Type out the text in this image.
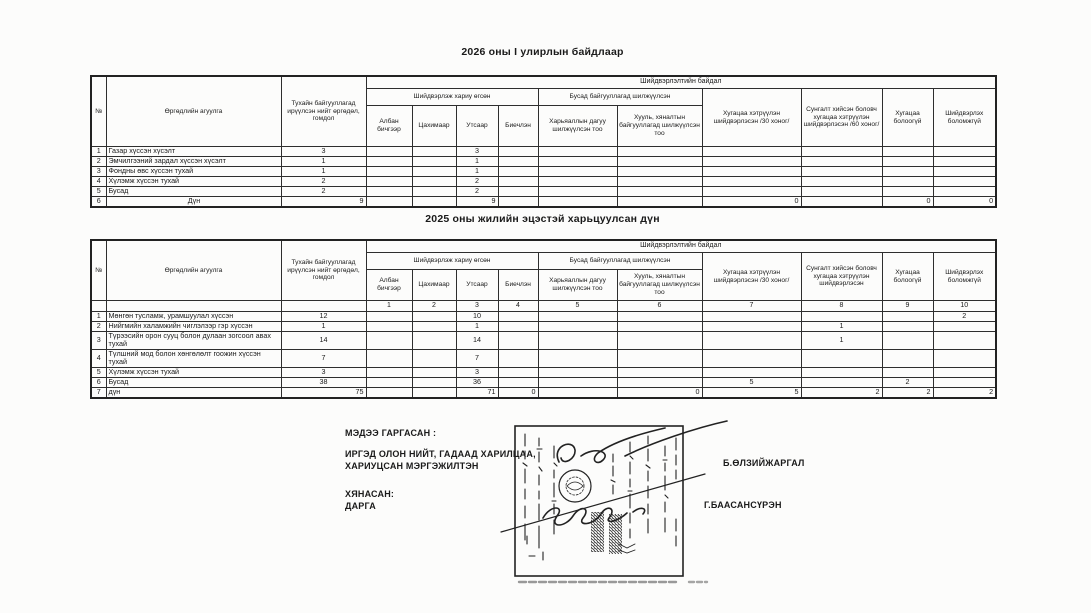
2026 оны I улирлын байдлаар
№	Өргөдлийн агуулга	Тухайн байгууллагад ирүүлсэн нийт өргөдөл, гомдол	Шийдвэрлэлтийн байдал									
			Шийдвэрлэж хариу өгсөн				Бусад байгууллагад шилжүүлсэн		Хугацаа хэтрүүлэн шийдвэрлэсэн /30 хоног/	Сунгалт хийсэн боловч хугацаа хэтрүүлэн шийдвэрлэсэн /60 хоног/	Хугацаа болоогүй	Шийдвэрлэх боломжгүй
			Албан бичгээр	Цахимаар	Утсаар	Биечлэн	Харьяаллын дагуу шилжүүлсэн тоо	Хууль, хяналтын байгууллагад шилжүүлсэн тоо				
1	Газар хүссэн хүсэлт	3			3							
2	Эмчилгээний зардал хүссэн хүсэлт	1			1							
3	Фондны өвс хүссэн тухай	1			1							
4	Хүлэмж хүссэн тухай	2			2							
5	Бусад	2			2							
6	Дүн	9			9				0		0	0
2025 оны жилийн эцэстэй харьцуулсан дүн
№	Өргөдлийн агуулга	Тухайн байгууллагад ирүүлсэн нийт өргөдөл, гомдол	Шийдвэрлэлтийн байдал									
			Шийдвэрлэж хариу өгсөн				Бусад байгууллагад шилжүүлсэн		Хугацаа хэтрүүлэн шийдвэрлэсэн /30 хоног/	Сунгалт хийсэн боловч хугацаа хэтрүүлэн шийдвэрлэсэн	Хугацаа болоогүй	Шийдвэрлэх боломжгүй
			Албан бичгээр	Цахимаар	Утсаар	Биечлэн	Харьяаллын дагуу шилжүүлсэн тоо	Хууль, хяналтын байгууллагад шилжүүлсэн тоо				
			1	2	3	4	5	6	7	8	9	10
1	Мөнгөн тусламж, урамшуулал хүссэн	12			10							2
2	Нийгмийн халамжийн чиглэлээр гэр хүссэн	1			1					1		
3	Түрээсийн орон сууц болон дулаан зогсоол авах тухай	14			14					1		
4	Түлшний мод болон хөнгөлөлт гоожин хүссэн тухай	7			7							
5	Хүлэмж хүссэн тухай	3			3							
6	Бусад	38			36				5		2	
7	дүн	75			71	0		0	5	2	2	2
МЭДЭЭ ГАРГАСАН :
ИРГЭД ОЛОН НИЙТ, ГАДААД ХАРИЛЦАА,
ХАРИУЦСАН МЭРГЭЖИЛТЭН
ХЯНАСАН:
ДАРГА
Б.ӨЛЗИЙЖАРГАЛ
Г.БААСАНСҮРЭН
